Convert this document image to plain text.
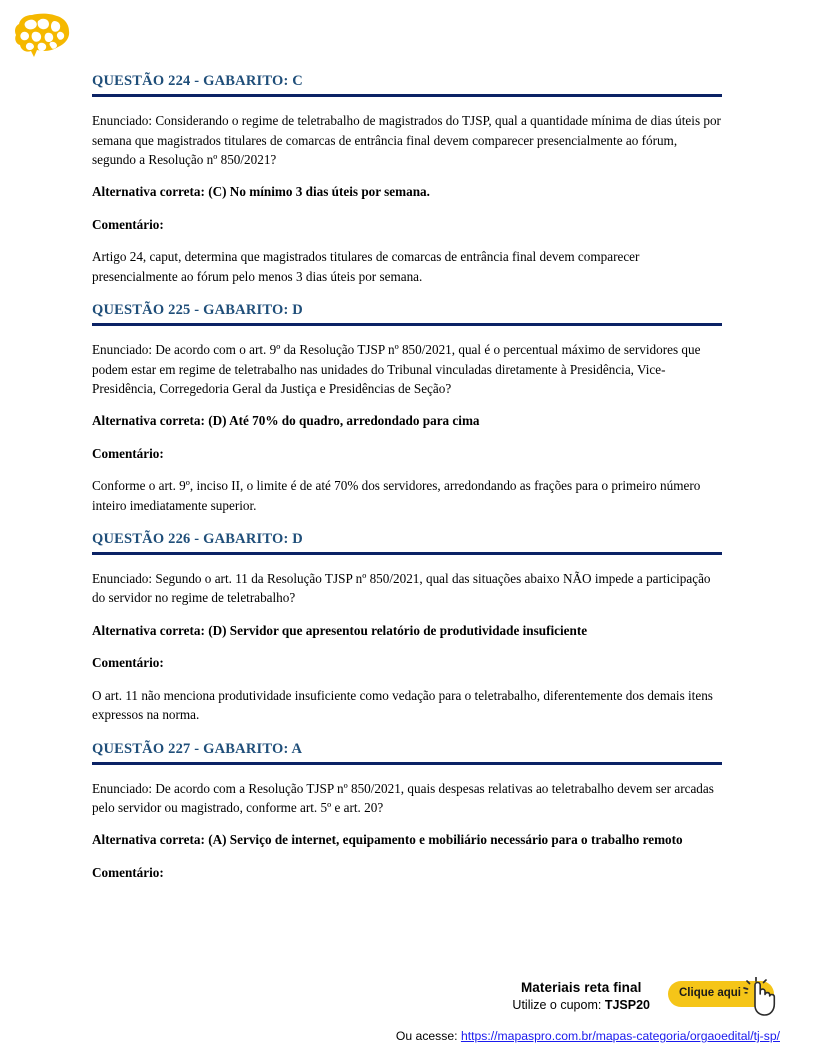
QUESTÃO 224 - GABARITO: C

Enunciado: Considerando o regime de teletrabalho de magistrados do TJSP, qual a quantidade mínima de dias úteis por semana que magistrados titulares de comarcas de entrância final devem comparecer presencialmente ao fórum, segundo a Resolução nº 850/2021?

Alternativa correta: (C) No mínimo 3 dias úteis por semana.

Comentário:

Artigo 24, caput, determina que magistrados titulares de comarcas de entrância final devem comparecer presencialmente ao fórum pelo menos 3 dias úteis por semana.

QUESTÃO 225 - GABARITO: D

Enunciado: De acordo com o art. 9º da Resolução TJSP nº 850/2021, qual é o percentual máximo de servidores que podem estar em regime de teletrabalho nas unidades do Tribunal vinculadas diretamente à Presidência, Vice-Presidência, Corregedoria Geral da Justiça e Presidências de Seção?

Alternativa correta: (D) Até 70% do quadro, arredondado para cima

Comentário:

Conforme o art. 9º, inciso II, o limite é de até 70% dos servidores, arredondando as frações para o primeiro número inteiro imediatamente superior.

QUESTÃO 226 - GABARITO: D

Enunciado: Segundo o art. 11 da Resolução TJSP nº 850/2021, qual das situações abaixo NÃO impede a participação do servidor no regime de teletrabalho?

Alternativa correta: (D) Servidor que apresentou relatório de produtividade insuficiente

Comentário:

O art. 11 não menciona produtividade insuficiente como vedação para o teletrabalho, diferentemente dos demais itens expressos na norma.

QUESTÃO 227 - GABARITO: A

Enunciado: De acordo com a Resolução TJSP nº 850/2021, quais despesas relativas ao teletrabalho devem ser arcadas pelo servidor ou magistrado, conforme art. 5º e art. 20?

Alternativa correta: (A) Serviço de internet, equipamento e mobiliário necessário para o trabalho remoto

Comentário:

Materiais reta final
Utilize o cupom: TJSP20
Clique aqui -
Ou acesse: https://mapaspro.com.br/mapas-categoria/orgaoedital/tj-sp/
